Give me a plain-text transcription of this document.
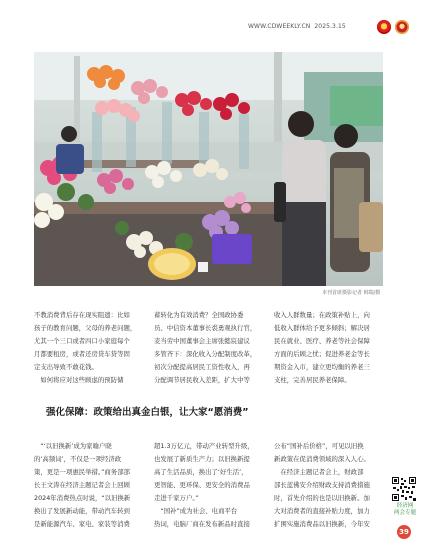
WWW.CDWEEKLY.CN 2025.3.15
本刊首席摄影记者 韩瑞/摄

不教消费背后存在现实阻遗：比如

孩子的教育问题，父母的养老问题，

尤其一个三口或者四口小家庭每个

月都要租房，或者还房贷车贷等固

定支出导致不敢花钱。

　如何将应对这些顾虑的预防储

蓄转化为有效消费？全国政协委

员、中信资本董事长裘勇观执行官，

麦当劳中国董事会主席张懿宸建议

多管齐下：深化收入分配制度改革，

初次分配提高居民工资性收入，再

分配调节居民收入差距，扩大中等

收入人群数量；在政策补贴上，向

低收入群体给予更多倾斜；解决居

民在就业、医疗、养老等社会保障

方面的后顾之忧；促进养老金等长

期资金入市，建立更均衡的养老三

支柱，完善居民养老保障。

强化保障：政策给出真金白银，让大家“愿消费”

　“‘以旧换新’成为家喻户晓

的‘高频词’，不仅是一项经济政

策，更是一项惠民举措。”商务部部

长王文涛在经济主题记者会上回顾

2024年消费热点时说，“以旧换新

换出了发展新动能，带动汽车转到

是新能源汽车、家电、家装等消费

超1.3万亿元，带动产业转型升级，

也发展了新质生产力；以旧换新提

高了生活品质，换出了‘好生活’，

更智能、更环保、更安全的消费品

走进千家万户。”

　“国补”成为社会、电商平台

热词，电脑厂商在发布新品时直接

公布“国补后价格”，可见以旧换

新政策在促消费领域的深入人心。

　在经济主题记者会上，财政部

部长蓝佛安介绍财政支持消费措施

时，首先介绍的也是以旧换新。加

大对消费者的直接补贴力度，加力

扩围实施消费品以旧换新，今年安

经济网
两会专题
39
